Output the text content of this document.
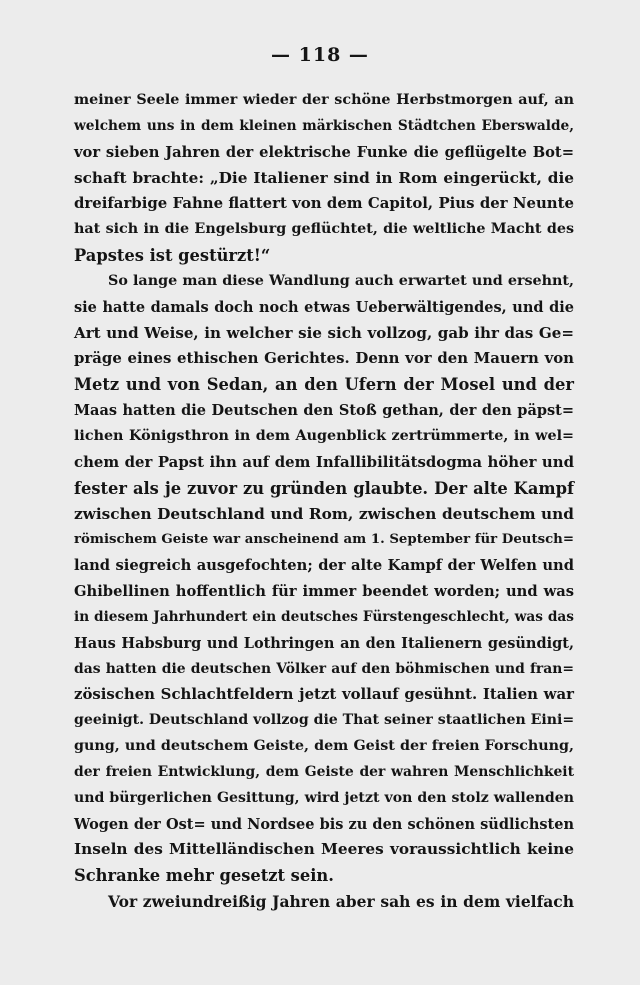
— 118 —
meiner Seele immer wieder der schöne Herbstmorgen auf, an
welchem uns in dem kleinen märkischen Städtchen Eberswalde,
vor sieben Jahren der elektrische Funke die geflügelte Bot=
schaft brachte: „Die Italiener sind in Rom eingerückt, die
dreifarbige Fahne flattert von dem Capitol, Pius der Neunte
hat sich in die Engelsburg geflüchtet, die weltliche Macht des
Papstes ist gestürzt!“
So lange man diese Wandlung auch erwartet und ersehnt,
sie hatte damals doch noch etwas Ueberwältigendes, und die
Art und Weise, in welcher sie sich vollzog, gab ihr das Ge=
präge eines ethischen Gerichtes. Denn vor den Mauern von
Metz und von Sedan, an den Ufern der Mosel und der
Maas hatten die Deutschen den Stoß gethan, der den päpst=
lichen Königsthron in dem Augenblick zertrümmerte, in wel=
chem der Papst ihn auf dem Infallibilitätsdogma höher und
fester als je zuvor zu gründen glaubte. Der alte Kampf
zwischen Deutschland und Rom, zwischen deutschem und
römischem Geiste war anscheinend am 1. September für Deutsch=
land siegreich ausgefochten; der alte Kampf der Welfen und
Ghibellinen hoffentlich für immer beendet worden; und was
in diesem Jahrhundert ein deutsches Fürstengeschlecht, was das
Haus Habsburg und Lothringen an den Italienern gesündigt,
das hatten die deutschen Völker auf den böhmischen und fran=
zösischen Schlachtfeldern jetzt vollauf gesühnt. Italien war
geeinigt. Deutschland vollzog die That seiner staatlichen Eini=
gung, und deutschem Geiste, dem Geist der freien Forschung,
der freien Entwicklung, dem Geiste der wahren Menschlichkeit
und bürgerlichen Gesittung, wird jetzt von den stolz wallenden
Wogen der Ost= und Nordsee bis zu den schönen südlichsten
Inseln des Mittelländischen Meeres voraussichtlich keine
Schranke mehr gesetzt sein.
Vor zweiundreißig Jahren aber sah es in dem vielfach
